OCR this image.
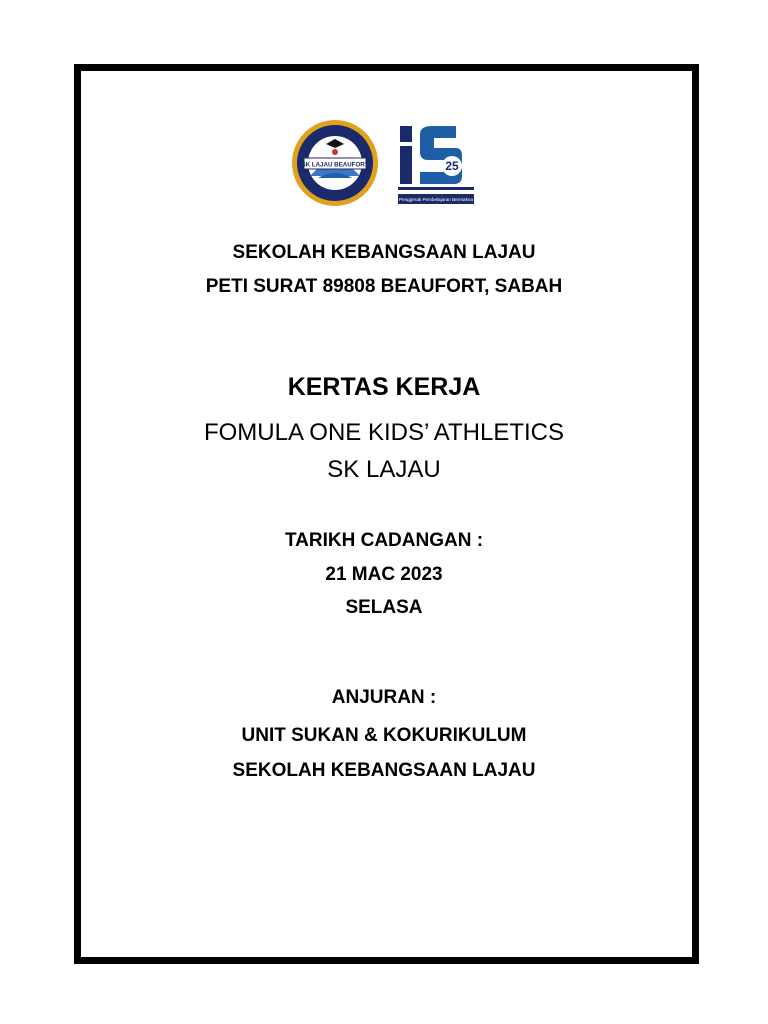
SK LAJAU BEAUFORT	25
Penggerak Pembelajaran Bermakna
SEKOLAH KEBANGSAAN LAJAU
PETI SURAT 89808 BEAUFORT, SABAH
KERTAS KERJA
FOMULA ONE KIDS’ ATHLETICS
SK LAJAU
TARIKH CADANGAN :
21 MAC 2023
SELASA
ANJURAN :
UNIT SUKAN & KOKURIKULUM
SEKOLAH KEBANGSAAN LAJAU
